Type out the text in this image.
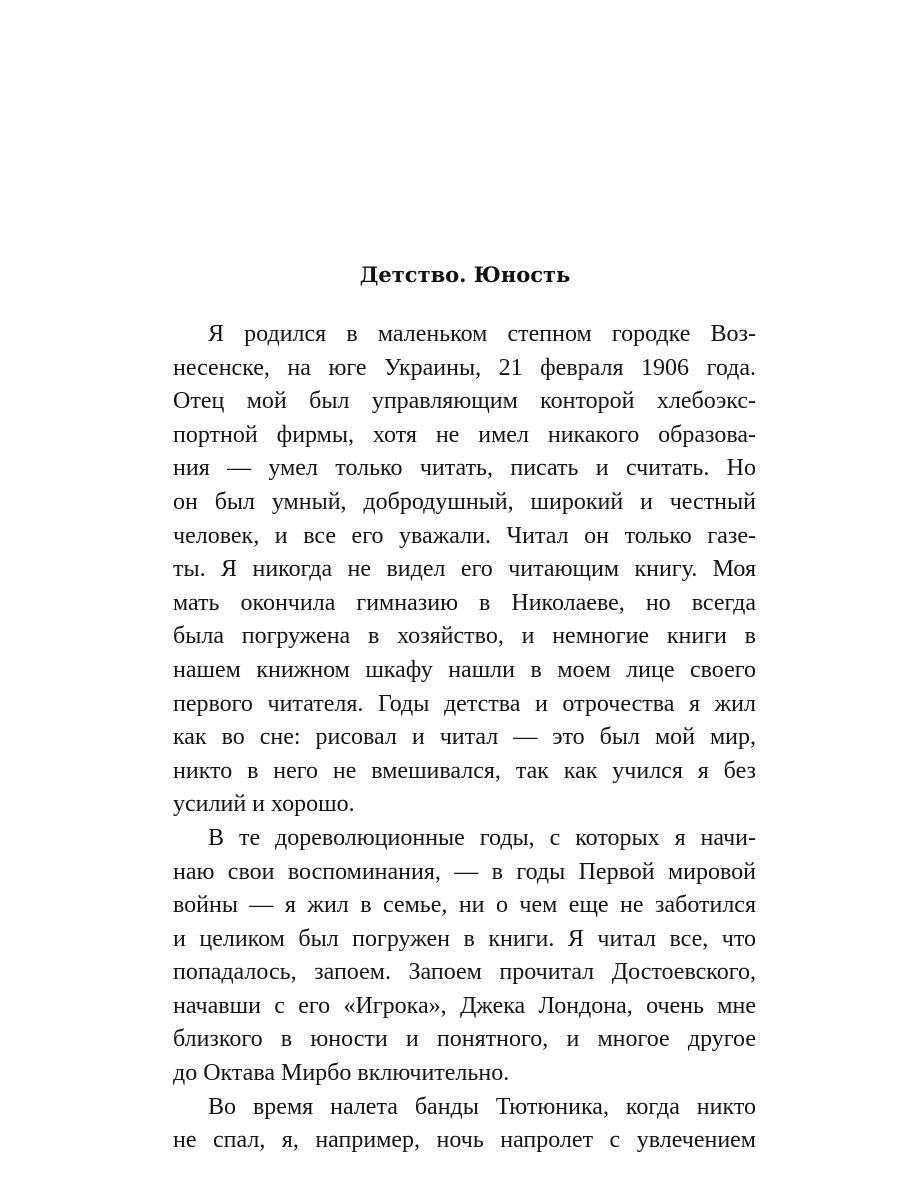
Детство. Юность
Я родился в маленьком степном городке Воз-
несенске, на юге Украины, 21 февраля 1906 года.
Отец мой был управляющим конторой хлебоэкс-
портной фирмы, хотя не имел никакого образова-
ния — умел только читать, писать и считать. Но
он был умный, добродушный, широкий и честный
человек, и все его уважали. Читал он только газе-
ты. Я никогда не видел его читающим книгу. Моя
мать окончила гимназию в Николаеве, но всегда
была погружена в хозяйство, и немногие книги в
нашем книжном шкафу нашли в моем лице своего
первого читателя. Годы детства и отрочества я жил
как во сне: рисовал и читал — это был мой мир,
никто в него не вмешивался, так как учился я без
усилий и хорошо.
В те дореволюционные годы, с которых я начи-
наю свои воспоминания, — в годы Первой мировой
войны — я жил в семье, ни о чем еще не заботился
и целиком был погружен в книги. Я читал все, что
попадалось, запоем. Запоем прочитал Достоевского,
начавши с его «Игрока», Джека Лондона, очень мне
близкого в юности и понятного, и многое другое
до Октава Мирбо включительно.
Во время налета банды Тютюника, когда никто
не спал, я, например, ночь напролет с увлечением
